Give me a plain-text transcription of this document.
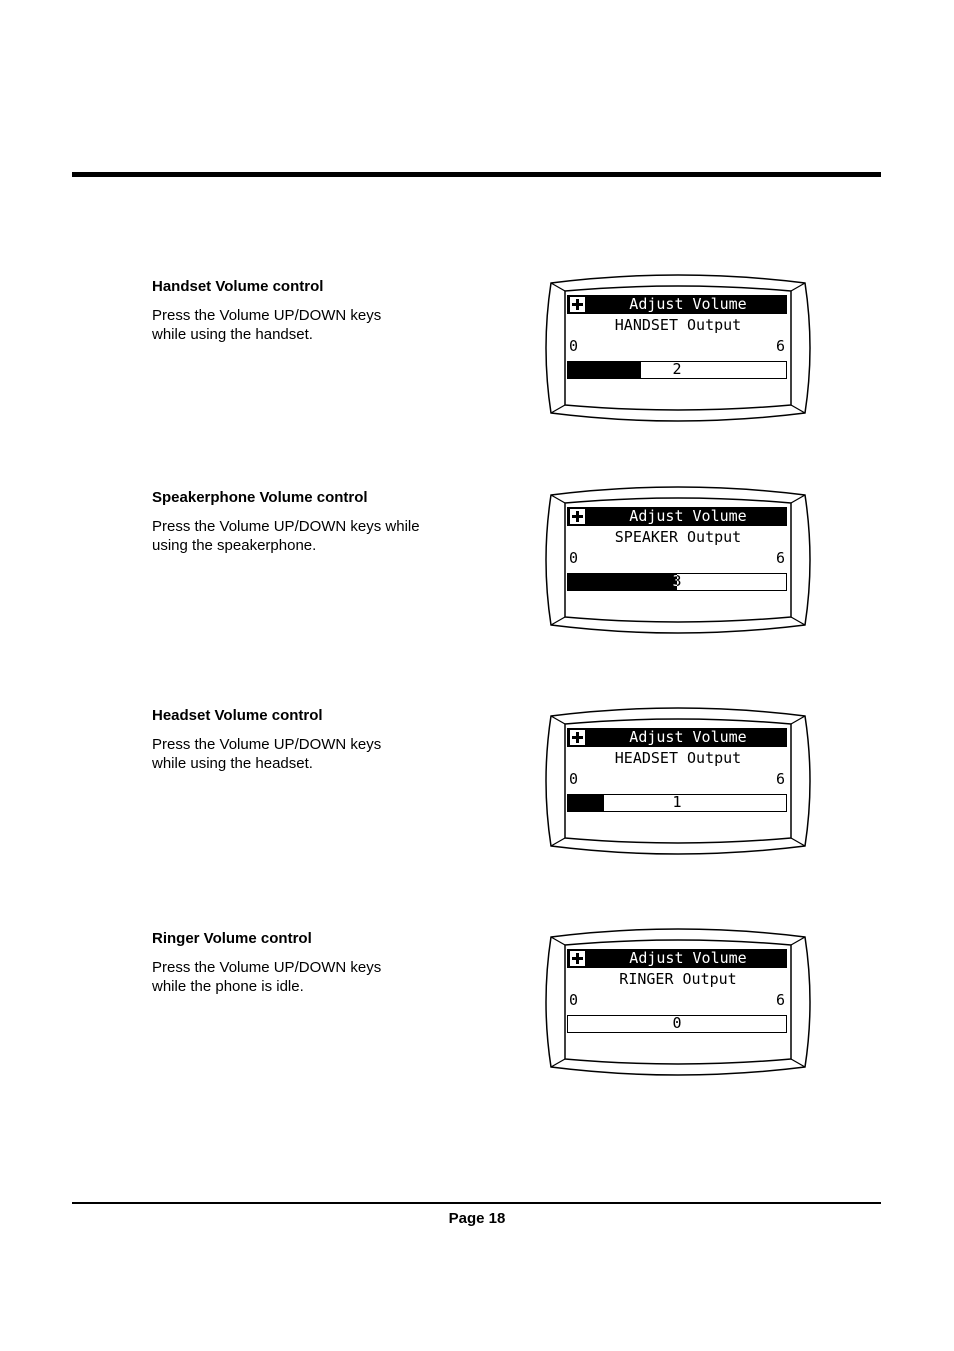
Handset Volume control

Press the Volume UP/DOWN keys
while using the handset.

Adjust Volume
HANDSET Output
0	6
2
Speakerphone Volume control

Press the Volume UP/DOWN keys while
using the speakerphone.

Adjust Volume
SPEAKER Output
0	6
3
Headset Volume control

Press the Volume UP/DOWN keys
while using the headset.

Adjust Volume
HEADSET Output
0	6
1
Ringer Volume control

Press the Volume UP/DOWN keys
while the phone is idle.

Adjust Volume
RINGER Output
0	6
0
Page 18
